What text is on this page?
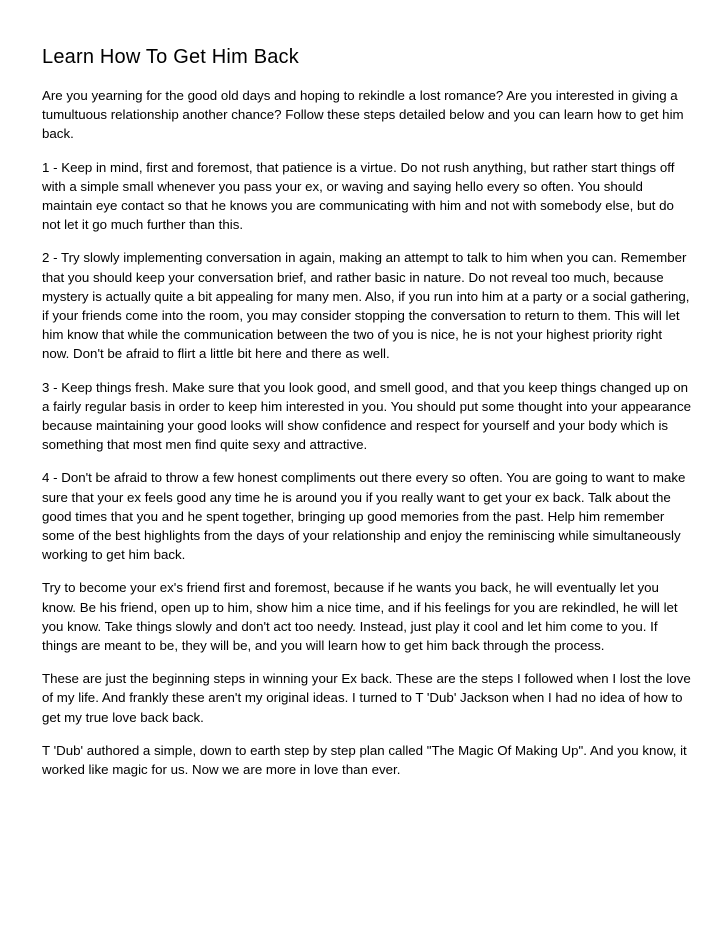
Learn How To Get Him Back

Are you yearning for the good old days and hoping to rekindle a lost romance? Are you interested in giving a tumultuous relationship another chance? Follow these steps detailed below and you can learn how to get him back.

1 - Keep in mind, first and foremost, that patience is a virtue. Do not rush anything, but rather start things off with a simple small whenever you pass your ex, or waving and saying hello every so often. You should maintain eye contact so that he knows you are communicating with him and not with somebody else, but do not let it go much further than this.

2 - Try slowly implementing conversation in again, making an attempt to talk to him when you can. Remember that you should keep your conversation brief, and rather basic in nature. Do not reveal too much, because mystery is actually quite a bit appealing for many men. Also, if you run into him at a party or a social gathering, if your friends come into the room, you may consider stopping the conversation to return to them. This will let him know that while the communication between the two of you is nice, he is not your highest priority right now. Don't be afraid to flirt a little bit here and there as well.

3 - Keep things fresh. Make sure that you look good, and smell good, and that you keep things changed up on a fairly regular basis in order to keep him interested in you. You should put some thought into your appearance because maintaining your good looks will show confidence and respect for yourself and your body which is something that most men find quite sexy and attractive.

4 - Don't be afraid to throw a few honest compliments out there every so often. You are going to want to make sure that your ex feels good any time he is around you if you really want to get your ex back. Talk about the good times that you and he spent together, bringing up good memories from the past. Help him remember some of the best highlights from the days of your relationship and enjoy the reminiscing while simultaneously working to get him back.

Try to become your ex's friend first and foremost, because if he wants you back, he will eventually let you know. Be his friend, open up to him, show him a nice time, and if his feelings for you are rekindled, he will let you know. Take things slowly and don't act too needy. Instead, just play it cool and let him come to you. If things are meant to be, they will be, and you will learn how to get him back through the process.

These are just the beginning steps in winning your Ex back. These are the steps I followed when I lost the love of my life. And frankly these aren't my original ideas. I turned to T 'Dub' Jackson when I had no idea of how to get my true love back back.

T 'Dub' authored a simple, down to earth step by step plan called "The Magic Of Making Up". And you know, it worked like magic for us. Now we are more in love than ever.
